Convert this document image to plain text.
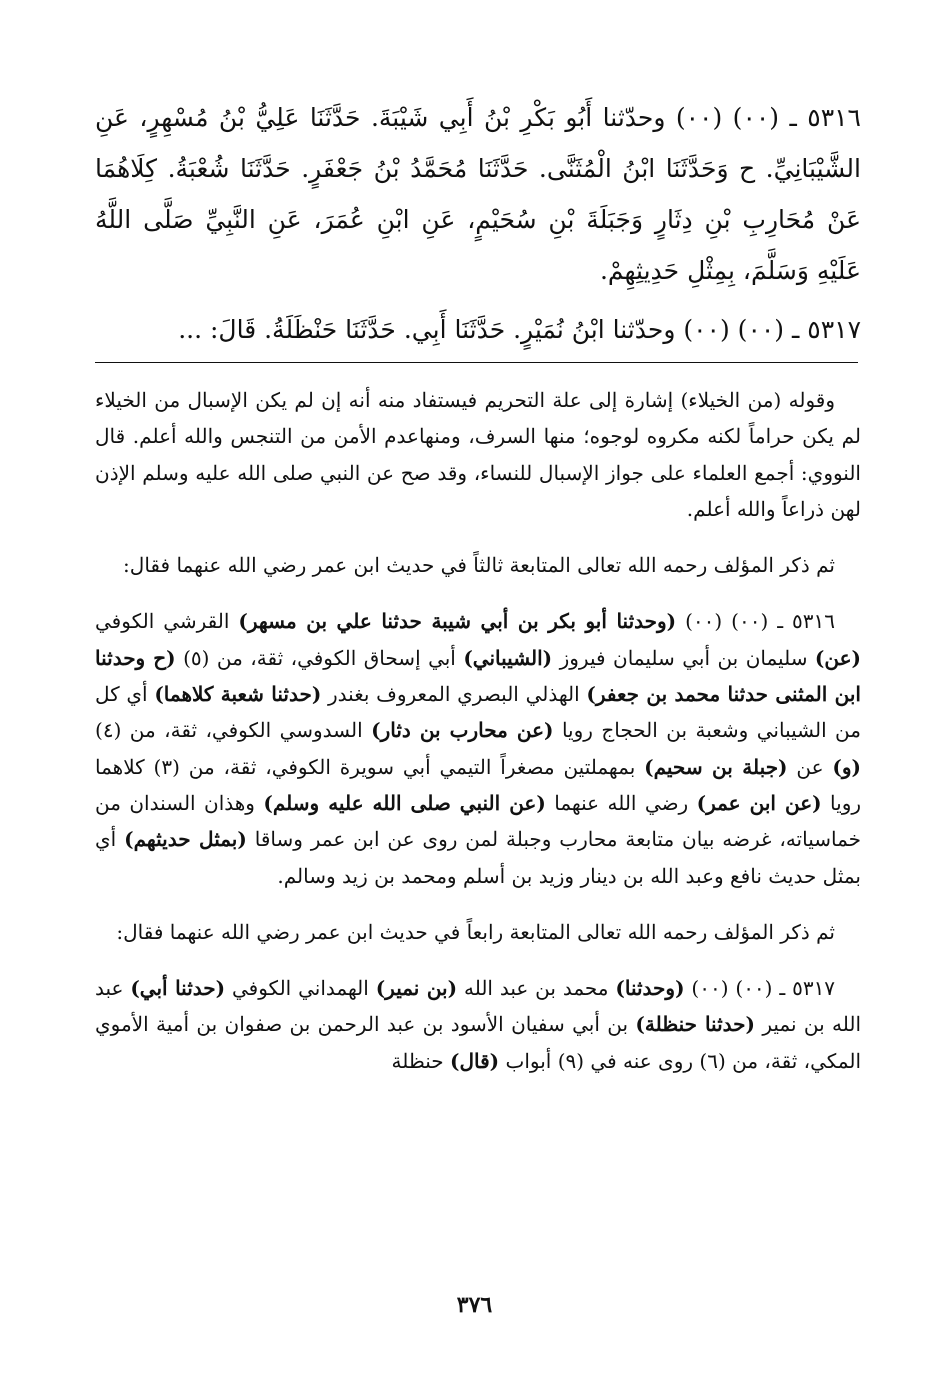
٥٣١٦ ـ (٠٠) (٠٠) وحدّثنا أَبُو بَكْرِ بْنُ أَبِي شَيْبَةَ. حَدَّثَنَا عَلِيُّ بْنُ مُسْهِرٍ، عَنِ الشَّيْبَانِيِّ. ح وَحَدَّثَنَا ابْنُ الْمُثَنَّى. حَدَّثَنَا مُحَمَّدُ بْنُ جَعْفَرٍ. حَدَّثَنَا شُعْبَةُ. كِلَاهُمَا عَنْ مُحَارِبِ بْنِ دِثَارٍ وَجَبَلَةَ بْنِ سُحَيْمٍ، عَنِ ابْنِ عُمَرَ، عَنِ النَّبِيِّ صَلَّى اللَّهُ عَلَيْهِ وَسَلَّمَ، بِمِثْلِ حَدِيثِهِمْ.

٥٣١٧ ـ (٠٠) (٠٠) وحدّثنا ابْنُ نُمَيْرٍ. حَدَّثَنَا أَبِي. حَدَّثَنَا حَنْظَلَةُ. قَالَ: ...

وقوله (من الخيلاء) إشارة إلى علة التحريم فيستفاد منه أنه إن لم يكن الإسبال من الخيلاء لم يكن حراماً لكنه مكروه لوجوه؛ منها السرف، ومنهاعدم الأمن من التنجس والله أعلم. قال النووي: أجمع العلماء على جواز الإسبال للنساء، وقد صح عن النبي صلى الله عليه وسلم الإذن لهن ذراعاً والله أعلم.

ثم ذكر المؤلف رحمه الله تعالى المتابعة ثالثاً في حديث ابن عمر رضي الله عنهما فقال:

٥٣١٦ ـ (٠٠) (٠٠) (وحدثنا أبو بكر بن أبي شيبة حدثنا علي بن مسهر) القرشي الكوفي (عن) سليمان بن أبي سليمان فيروز (الشيباني) أبي إسحاق الكوفي، ثقة، من (٥) (ح وحدثنا ابن المثنى حدثنا محمد بن جعفر) الهذلي البصري المعروف بغندر (حدثنا شعبة كلاهما) أي كل من الشيباني وشعبة بن الحجاج رويا (عن محارب بن دثار) السدوسي الكوفي، ثقة، من (٤) (و) عن (جبلة بن سحيم) بمهملتين مصغراً التيمي أبي سويرة الكوفي، ثقة، من (٣) كلاهما رويا (عن ابن عمر) رضي الله عنهما (عن النبي صلى الله عليه وسلم) وهذان السندان من خماسياته، غرضه بيان متابعة محارب وجبلة لمن روى عن ابن عمر وساقا (بمثل حديثهم) أي بمثل حديث نافع وعبد الله بن دينار وزيد بن أسلم ومحمد بن زيد وسالم.

ثم ذكر المؤلف رحمه الله تعالى المتابعة رابعاً في حديث ابن عمر رضي الله عنهما فقال:

٥٣١٧ ـ (٠٠) (٠٠) (وحدثنا) محمد بن عبد الله (بن نمير) الهمداني الكوفي (حدثنا أبي) عبد الله بن نمير (حدثنا حنظلة) بن أبي سفيان الأسود بن عبد الرحمن بن صفوان بن أمية الأموي المكي، ثقة، من (٦) روى عنه في (٩) أبواب (قال) حنظلة

٣٧٦
